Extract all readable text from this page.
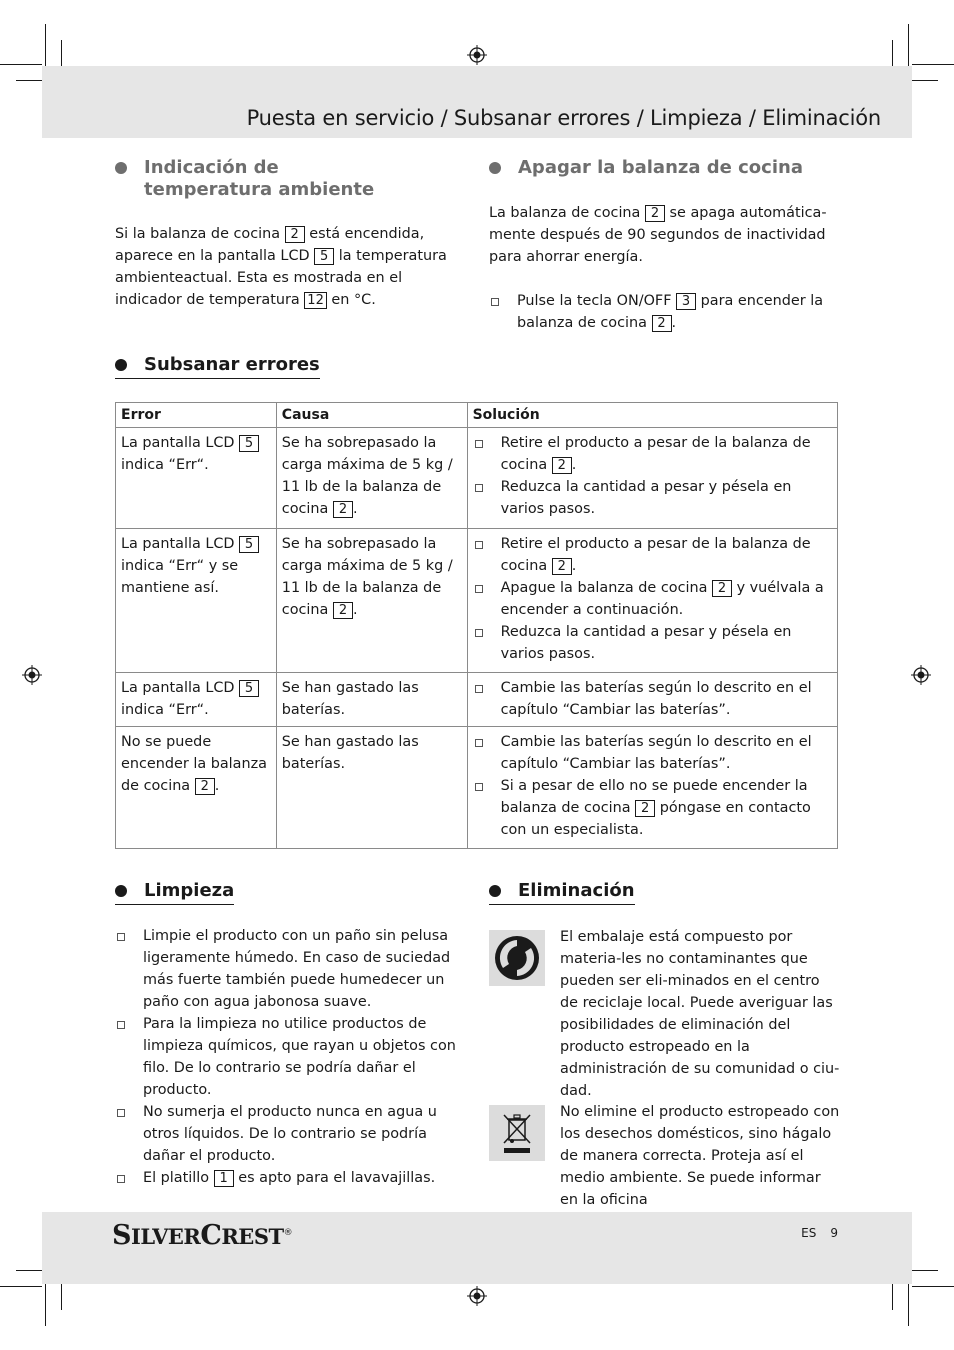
Puesta en servicio / Subsanar errores / Limpieza / Eliminación
Indicación de
temperatura ambiente

Si la balanza de cocina 2 está encendida, aparece en la pantalla LCD 5 la temperatura ambienteactual. Esta es mostrada en el indicador de temperatura 12 en °C.

Apagar la balanza de cocina

La balanza de cocina 2 se apaga automática-mente después de 90 segundos de inactividad para ahorrar energía.

Pulse la tecla ON/OFF 3 para encender la balanza de cocina 2 .
Subsanar errores
Error	Causa	Solución
La pantalla LCD 5 indica “Err“.	Se ha sobrepasado la carga máxima de 5 kg / 11 lb de la balanza de cocina 2 .	Retire el producto a pesar de la balanza de cocina 2 .
Reduzca la cantidad a pesar y pésela en varios pasos.

La pantalla LCD 5 indica “Err“ y se mantiene así.	Se ha sobrepasado la carga máxima de 5 kg / 11 lb de la balanza de cocina 2 .	Retire el producto a pesar de la balanza de cocina 2 .
Apague la balanza de cocina 2 y vuélvala a encender a continuación.
Reduzca la cantidad a pesar y pésela en varios pasos.

La pantalla LCD 5 indica “Err“.	Se han gastado las baterías.	Cambie las baterías según lo descrito en el capítulo “Cambiar las baterías”.

No se puede encender la balanza de cocina 2 .	Se han gastado las baterías.	Cambie las baterías según lo descrito en el capítulo “Cambiar las baterías”.
Si a pesar de ello no se puede encender la balanza de cocina 2 póngase en contacto con un especialista.
Limpieza
Limpie el producto con un paño sin pelusa ligeramente húmedo. En caso de suciedad más fuerte también puede humedecer un paño con agua jabonosa suave.
Para la limpieza no utilice productos de limpieza químicos, que rayan u objetos con filo. De lo contrario se podría dañar el producto.
No sumerja el producto nunca en agua u otros líquidos. De lo contrario se podría dañar el producto.
El platillo 1 es apto para el lavavajillas.
Eliminación

El embalaje está compuesto por materia-les no contaminantes que pueden ser eli-minados en el centro de reciclaje local. Puede averiguar las posibilidades de eliminación del producto estropeado en la administración de su comunidad o ciu-dad.

No elimine el producto estropeado con los desechos domésticos, sino hágalo de manera correcta. Proteja así el medio ambiente. Se puede informar en la oficina

SILVERCREST®	ES 9
